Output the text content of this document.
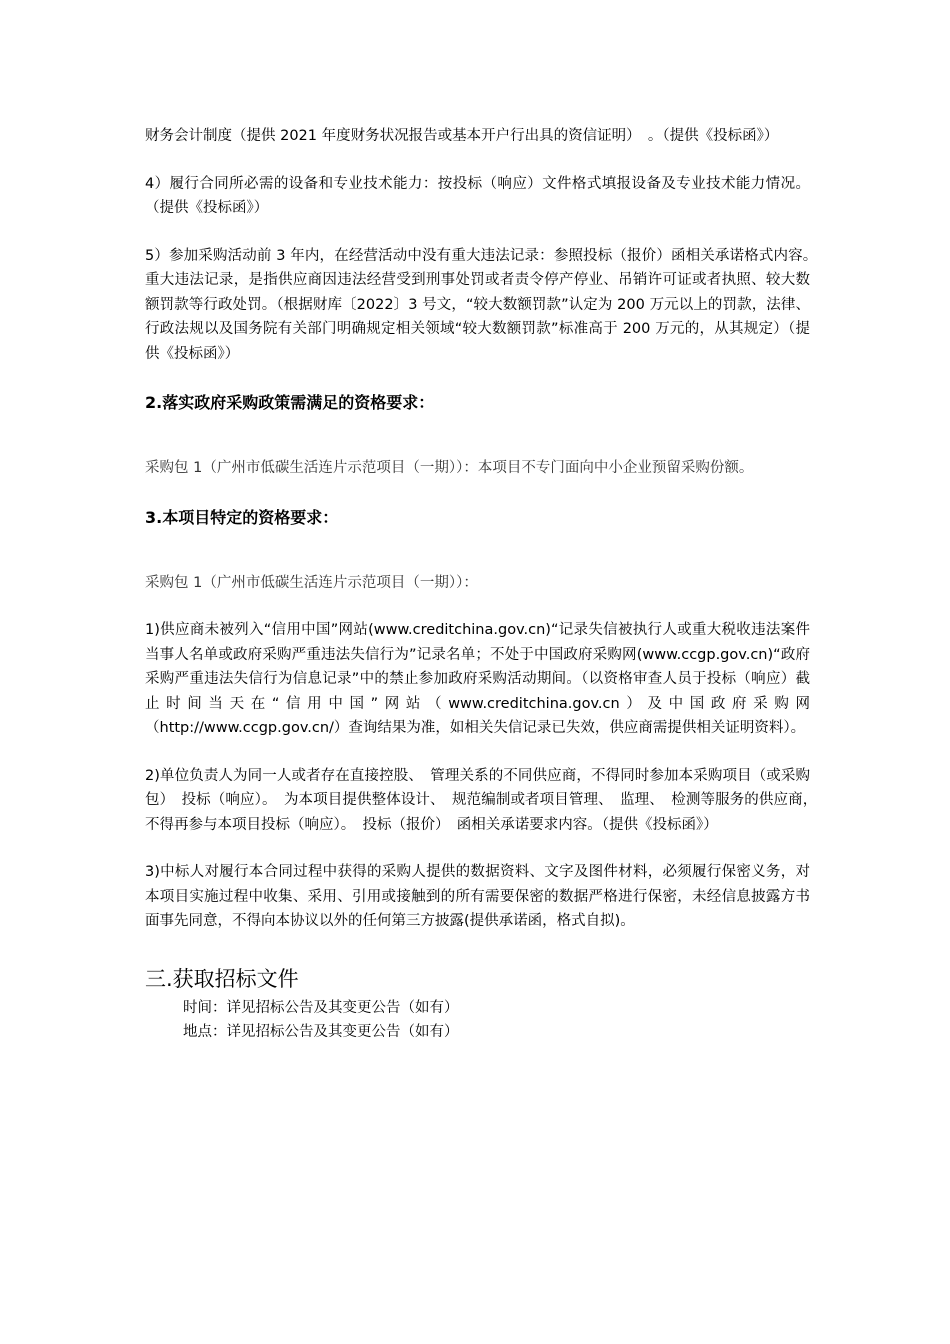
财务会计制度（提供 2021 年度财务状况报告或基本开户行出具的资信证明）　。（提供《投标函》）

4）履行合同所必需的设备和专业技术能力：按投标（响应）文件格式填报设备及专业技术能力情况。（提供《投标函》）

5）参加采购活动前 3 年内，在经营活动中没有重大违法记录：参照投标（报价）函相关承诺格式内容。　重大违法记录，是指供应商因违法经营受到刑事处罚或者责令停产停业、吊销许可证或者执照、较大数额罚款等行政处罚。（根据财库〔2022〕3 号文，“较大数额罚款”认定为 200 万元以上的罚款，法律、行政法规以及国务院有关部门明确规定相关领域“较大数额罚款”标准高于 200 万元的，从其规定）（提供《投标函》）

2.落实政府采购政策需满足的资格要求：

采购包 1（广州市低碳生活连片示范项目（一期））：本项目不专门面向中小企业预留采购份额。

3.本项目特定的资格要求：

采购包 1（广州市低碳生活连片示范项目（一期））：

1)供应商未被列入“信用中国”网站(www.creditchina.gov.cn)“记录失信被执行人或重大税收违法案件当事人名单或政府采购严重违法失信行为”记录名单；不处于中国政府采购网(www.ccgp.gov.cn)“政府采购严重违法失信行为信息记录”中的禁止参加政府采购活动期间。（以资格审查人员于投标（响应）截止时间当天在“信用中国”网站（www.creditchina.gov.cn）及中国政府采购网（http://www.ccgp.gov.cn/）查询结果为准，如相关失信记录已失效，供应商需提供相关证明资料）。

2)单位负责人为同一人或者存在直接控股、　管理关系的不同供应商，不得同时参加本采购项目（或采购包）　投标（响应）。　为本项目提供整体设计、　规范编制或者项目管理、　监理、　检测等服务的供应商，　不得再参与本项目投标（响应）。　投标（报价）　函相关承诺要求内容。（提供《投标函》）

3)中标人对履行本合同过程中获得的采购人提供的数据资料、文字及图件材料，必须履行保密义务，对本项目实施过程中收集、采用、引用或接触到的所有需要保密的数据严格进行保密，未经信息披露方书面事先同意，不得向本协议以外的任何第三方披露(提供承诺函，格式自拟)。

三.获取招标文件

时间：详见招标公告及其变更公告（如有）

地点：详见招标公告及其变更公告（如有）
